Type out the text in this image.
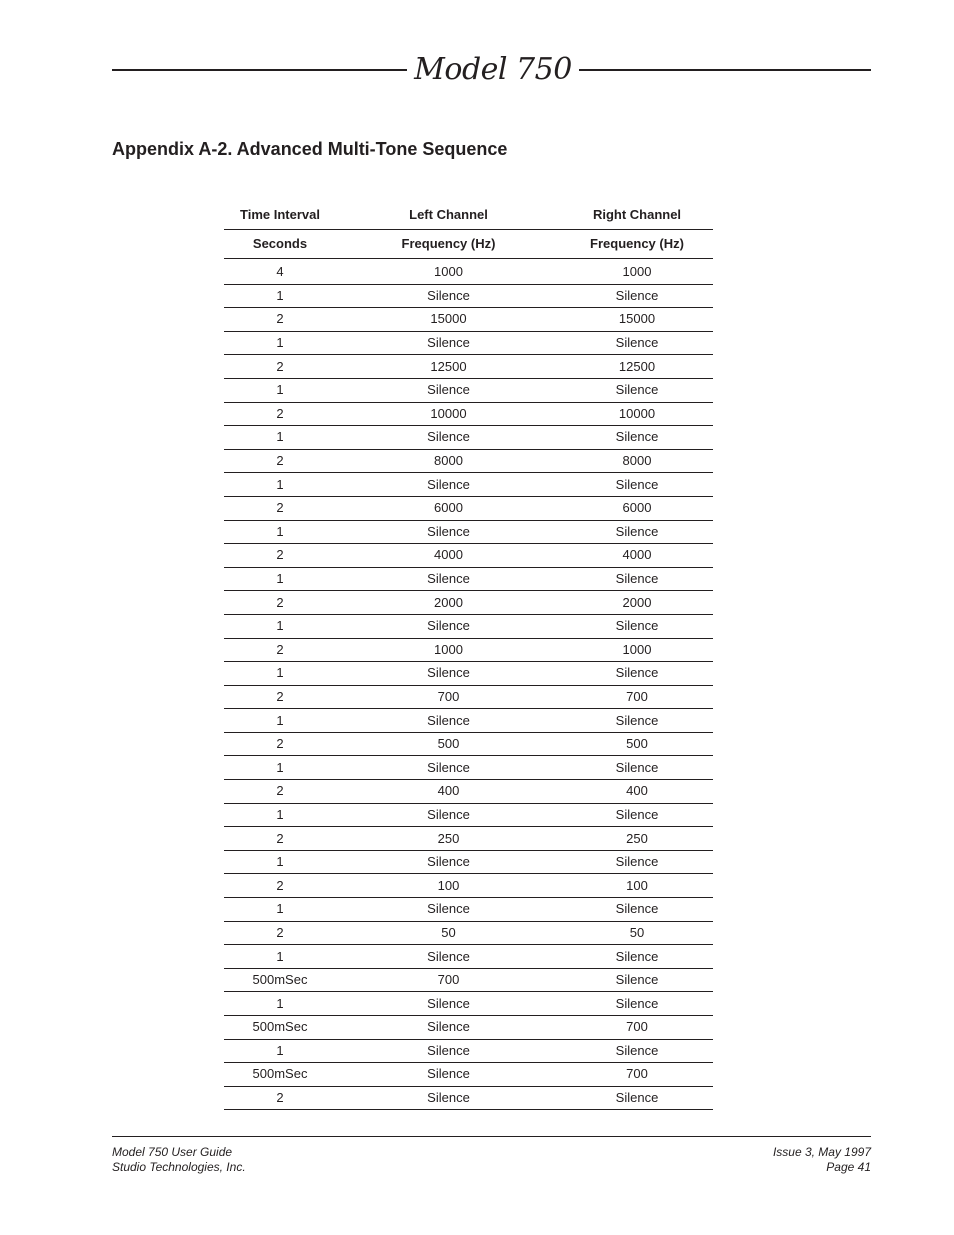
Model 750
Appendix A-2. Advanced Multi-Tone Sequence
Time Interval	Left Channel	Right Channel
Seconds	Frequency (Hz)	Frequency (Hz)
4	1000	1000
1	Silence	Silence
2	15000	15000
1	Silence	Silence
2	12500	12500
1	Silence	Silence
2	10000	10000
1	Silence	Silence
2	8000	8000
1	Silence	Silence
2	6000	6000
1	Silence	Silence
2	4000	4000
1	Silence	Silence
2	2000	2000
1	Silence	Silence
2	1000	1000
1	Silence	Silence
2	700	700
1	Silence	Silence
2	500	500
1	Silence	Silence
2	400	400
1	Silence	Silence
2	250	250
1	Silence	Silence
2	100	100
1	Silence	Silence
2	50	50
1	Silence	Silence
500mSec	700	Silence
1	Silence	Silence
500mSec	Silence	700
1	Silence	Silence
500mSec	Silence	700
2	Silence	Silence
Model 750 User Guide
Studio Technologies, Inc.
Issue 3, May 1997
Page 41
